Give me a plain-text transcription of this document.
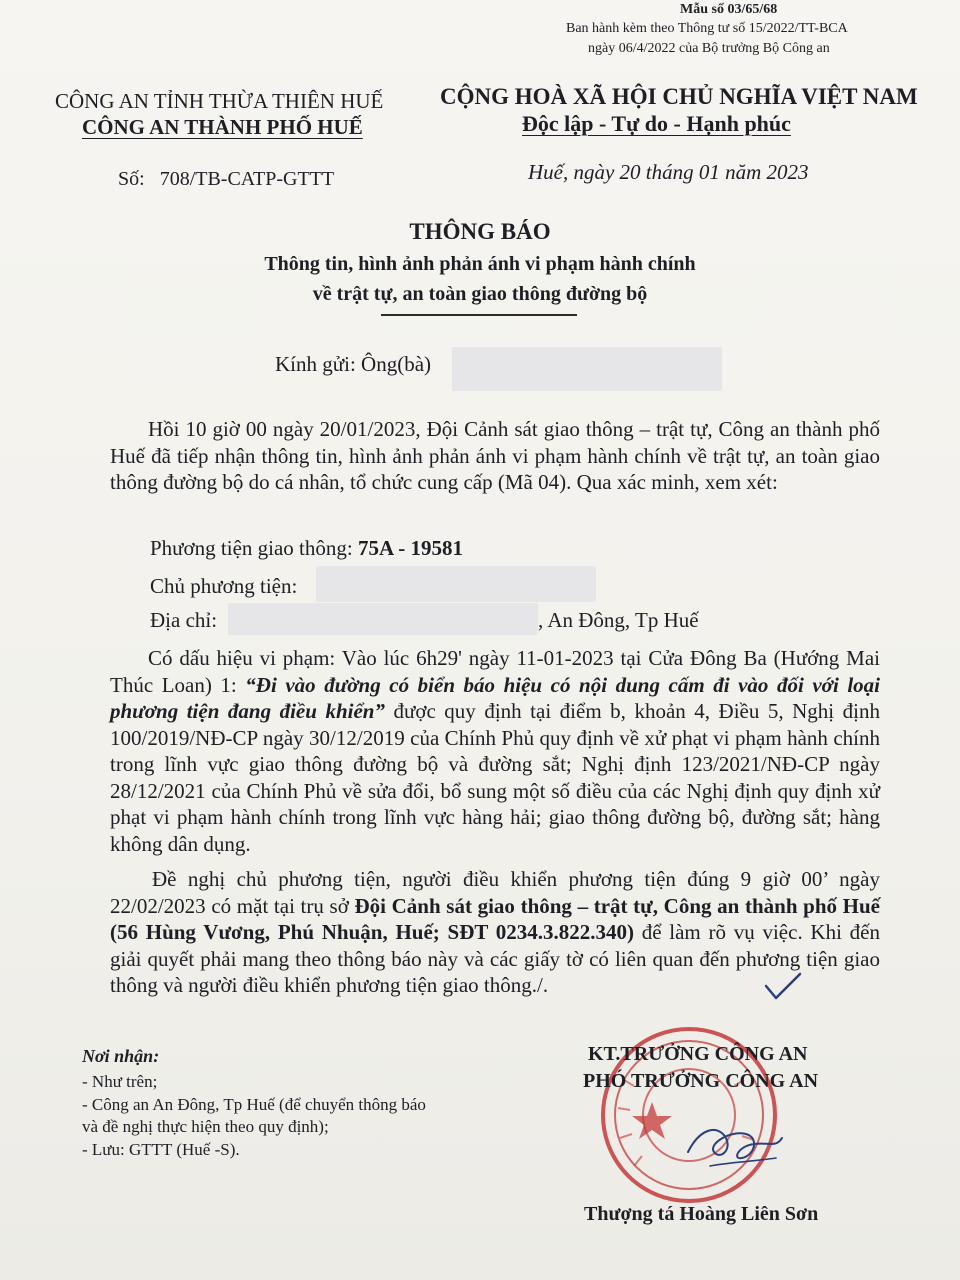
Mẫu số 03/65/68
Ban hành kèm theo Thông tư số 15/2022/TT-BCA
ngày 06/4/2022 của Bộ trưởng Bộ Công an
CÔNG AN TỈNH THỪA THIÊN HUẾ
CÔNG AN THÀNH PHỐ HUẾ
CỘNG HOÀ XÃ HỘI CHỦ NGHĨA VIỆT NAM
Độc lập - Tự do - Hạnh phúc
Số: 708/TB-CATP-GTTT	Huế, ngày 20 tháng 01 năm 2023
THÔNG BÁO
Thông tin, hình ảnh phản ánh vi phạm hành chính
về trật tự, an toàn giao thông đường bộ
Kính gửi: Ông(bà)

Hồi 10 giờ 00 ngày 20/01/2023, Đội Cảnh sát giao thông – trật tự, Công an thành phố Huế đã tiếp nhận thông tin, hình ảnh phản ánh vi phạm hành chính về trật tự, an toàn giao thông đường bộ do cá nhân, tổ chức cung cấp (Mã 04). Qua xác minh, xem xét:

Phương tiện giao thông: 75A - 19581
Chủ phương tiện:
Địa chỉ:	, An Đông, Tp Huế

Có dấu hiệu vi phạm: Vào lúc 6h29' ngày 11-01-2023 tại Cửa Đông Ba (Hướng Mai Thúc Loan) 1: “Đi vào đường có biển báo hiệu có nội dung cấm đi vào đối với loại phương tiện đang điều khiển” được quy định tại điểm b, khoản 4, Điều 5, Nghị định 100/2019/NĐ-CP ngày 30/12/2019 của Chính Phủ quy định về xử phạt vi phạm hành chính trong lĩnh vực giao thông đường bộ và đường sắt; Nghị định 123/2021/NĐ-CP ngày 28/12/2021 của Chính Phủ về sửa đổi, bổ sung một số điều của các Nghị định quy định xử phạt vi phạm hành chính trong lĩnh vực hàng hải; giao thông đường bộ, đường sắt; hàng không dân dụng.

Đề nghị chủ phương tiện, người điều khiển phương tiện đúng 9 giờ 00’ ngày 22/02/2023 có mặt tại trụ sở Đội Cảnh sát giao thông – trật tự, Công an thành phố Huế (56 Hùng Vương, Phú Nhuận, Huế; SĐT 0234.3.822.340) để làm rõ vụ việc. Khi đến giải quyết phải mang theo thông báo này và các giấy tờ có liên quan đến phương tiện giao thông và người điều khiển phương tiện giao thông./.

Nơi nhận:
- Như trên;
- Công an An Đông, Tp Huế (để chuyển thông báo
và đề nghị thực hiện theo quy định);
- Lưu: GTTT (Huế -S).
KT.TRƯỞNG CÔNG AN
PHÓ TRƯỞNG CÔNG AN
Thượng tá Hoàng Liên Sơn
